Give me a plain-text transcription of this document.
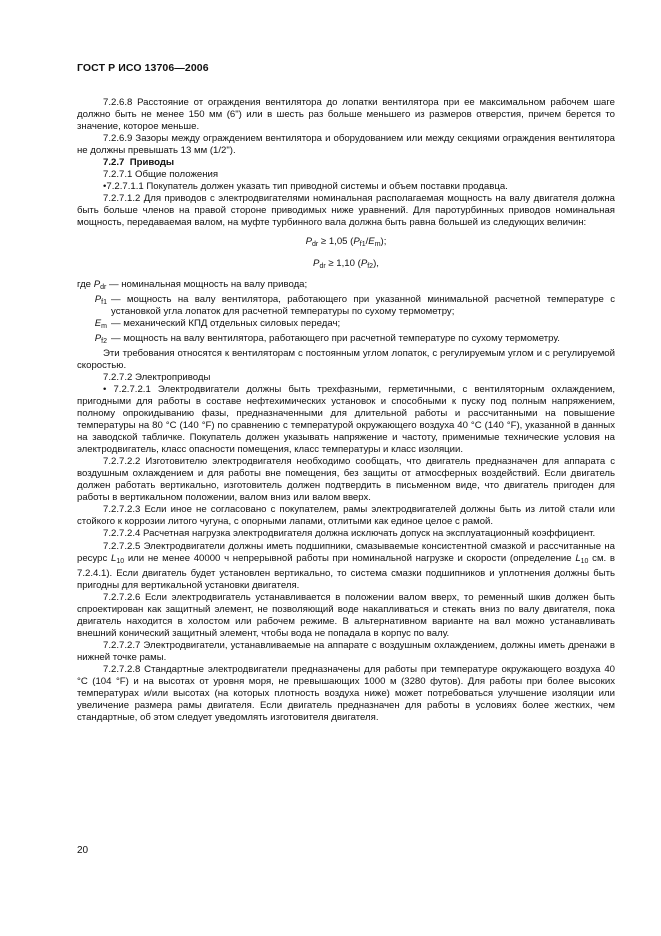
ГОСТ Р ИСО 13706—2006

7.2.6.8 Расстояние от ограждения вентилятора до лопатки вентилятора при ее максимальном рабочем шаге должно быть не менее 150 мм (6") или в шесть раз больше меньшего из размеров отверстия, причем берется то значение, которое меньше.

7.2.6.9 Зазоры между ограждением вентилятора и оборудованием или между секциями ограждения вентилятора не должны превышать 13 мм (1/2").

7.2.7 Приводы

7.2.7.1 Общие положения

•7.2.7.1.1 Покупатель должен указать тип приводной системы и объем поставки продавца.

7.2.7.1.2 Для приводов с электродвигателями номинальная располагаемая мощность на валу двигателя должна быть больше членов на правой стороне приводимых ниже уравнений. Для паротурбинных приводов номинальная мощность, передаваемая валом, на муфте турбинного вала должна быть равна большей из следующих величин:

$P_{dr} \ge 1,05$ $(P_{f1}/E_m)$;
$P_{dr} \ge 1,10$ $(P_{f2})$,
где $P_{dr}$ — номинальная мощность на валу привода;
$P_{f1}$ — мощность на валу вентилятора, работающего при указанной минимальной расчетной температуре с установкой угла лопаток для расчетной температуры по сухому термометру;
$E_m$ — механический КПД отдельных силовых передач;
$P_{f2}$ — мощность на валу вентилятора, работающего при расчетной температуре по сухому термометру.

Эти требования относятся к вентиляторам с постоянным углом лопаток, с регулируемым углом и с регулируемой скоростью.

7.2.7.2 Электроприводы

• 7.2.7.2.1 Электродвигатели должны быть трехфазными, герметичными, с вентиляторным охлаждением, пригодными для работы в составе нефтехимических установок и способными к пуску под полным напряжением, полному опрокидыванию фазы, предназначенными для длительной работы и рассчитанными на повышение температуры на 80 °С (140 °F) по сравнению с температурой окружающего воздуха 40 °С (140 °F), указанной в данных на заводской табличке. Покупатель должен указывать напряжение и частоту, применимые технические условия на электродвигатель, класс опасности помещения, класс температуры и класс изоляции.

7.2.7.2.2 Изготовителю электродвигателя необходимо сообщать, что двигатель предназначен для аппарата с воздушным охлаждением и для работы вне помещения, без защиты от атмосферных воздействий. Если двигатель должен работать вертикально, изготовитель должен подтвердить в письменном виде, что двигатель пригоден для работы в вертикальном положении, валом вниз или валом вверх.

7.2.7.2.3 Если иное не согласовано с покупателем, рамы электродвигателей должны быть из литой стали или стойкого к коррозии литого чугуна, с опорными лапами, отлитыми как единое целое с рамой.

7.2.7.2.4 Расчетная нагрузка электродвигателя должна исключать допуск на эксплуатационный коэффициент.

7.2.7.2.5 Электродвигатели должны иметь подшипники, смазываемые консистентной смазкой и рассчитанные на ресурс $L_{10}$ или не менее 40000 ч непрерывной работы при номинальной нагрузке и скорости (определение $L_{10}$ см. в 7.2.4.1). Если двигатель будет установлен вертикально, то система смазки подшипников и уплотнения должны быть пригодны для вертикальной установки двигателя.

7.2.7.2.6 Если электродвигатель устанавливается в положении валом вверх, то ременный шкив должен быть спроектирован как защитный элемент, не позволяющий воде накапливаться и стекать вниз по валу двигателя, пока двигатель находится в холостом или рабочем режиме. В альтернативном варианте на вал можно устанавливать внешний конический защитный элемент, чтобы вода не попадала в корпус по валу.

7.2.7.2.7 Электродвигатели, устанавливаемые на аппарате с воздушным охлаждением, должны иметь дренажи в нижней точке рамы.

7.2.7.2.8 Стандартные электродвигатели предназначены для работы при температуре окружающего воздуха 40 °С (104 °F) и на высотах от уровня моря, не превышающих 1000 м (3280 футов). Для работы при более высоких температурах и/или высотах (на которых плотность воздуха ниже) может потребоваться улучшение изоляции или увеличение размера рамы двигателя. Если двигатель предназначен для работы в условиях более жестких, чем стандартные, об этом следует уведомлять изготовителя двигателя.

20
